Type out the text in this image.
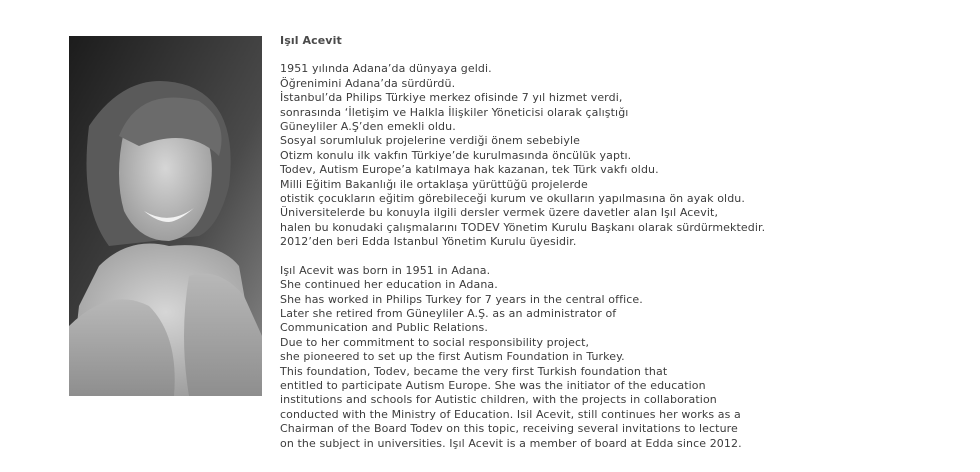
Işıl Acevit
1951 yılında Adana’da dünyaya geldi.
Öğrenimini Adana’da sürdürdü.
İstanbul’da Philips Türkiye merkez ofisinde 7 yıl hizmet verdi,
sonrasında ‘İletişim ve Halkla İlişkiler Yöneticisi olarak çalıştığı
Güneyliler A.Ş’den emekli oldu.
Sosyal sorumluluk projelerine verdiği önem sebebiyle
Otizm konulu ilk vakfın Türkiye’de kurulmasında öncülük yaptı.
Todev, Autism Europe’a katılmaya hak kazanan, tek Türk vakfı oldu.
Milli Eğitim Bakanlığı ile ortaklaşa yürüttüğü projelerde
otistik çocukların eğitim görebileceği kurum ve okulların yapılmasına ön ayak oldu.
Üniversitelerde bu konuyla ilgili dersler vermek üzere davetler alan Işıl Acevit,
halen bu konudaki çalışmalarını TODEV Yönetim Kurulu Başkanı olarak sürdürmektedir.
2012’den beri Edda Istanbul Yönetim Kurulu üyesidir.
Işıl Acevit was born in 1951 in Adana.
She continued her education in Adana.
She has worked in Philips Turkey for 7 years in the central office.
Later she retired from Güneyliler A.Ş. as an administrator of
Communication and Public Relations.
Due to her commitment to social responsibility project,
she pioneered to set up the first Autism Foundation in Turkey.
This foundation, Todev, became the very first Turkish foundation that
entitled to participate Autism Europe. She was the initiator of the education
institutions and schools for Autistic children, with the projects in collaboration
conducted with the Ministry of Education. Isil Acevit, still continues her works as a
Chairman of the Board Todev on this topic, receiving several invitations to lecture
on the subject in universities. Işıl Acevit is a member of board at Edda since 2012.
